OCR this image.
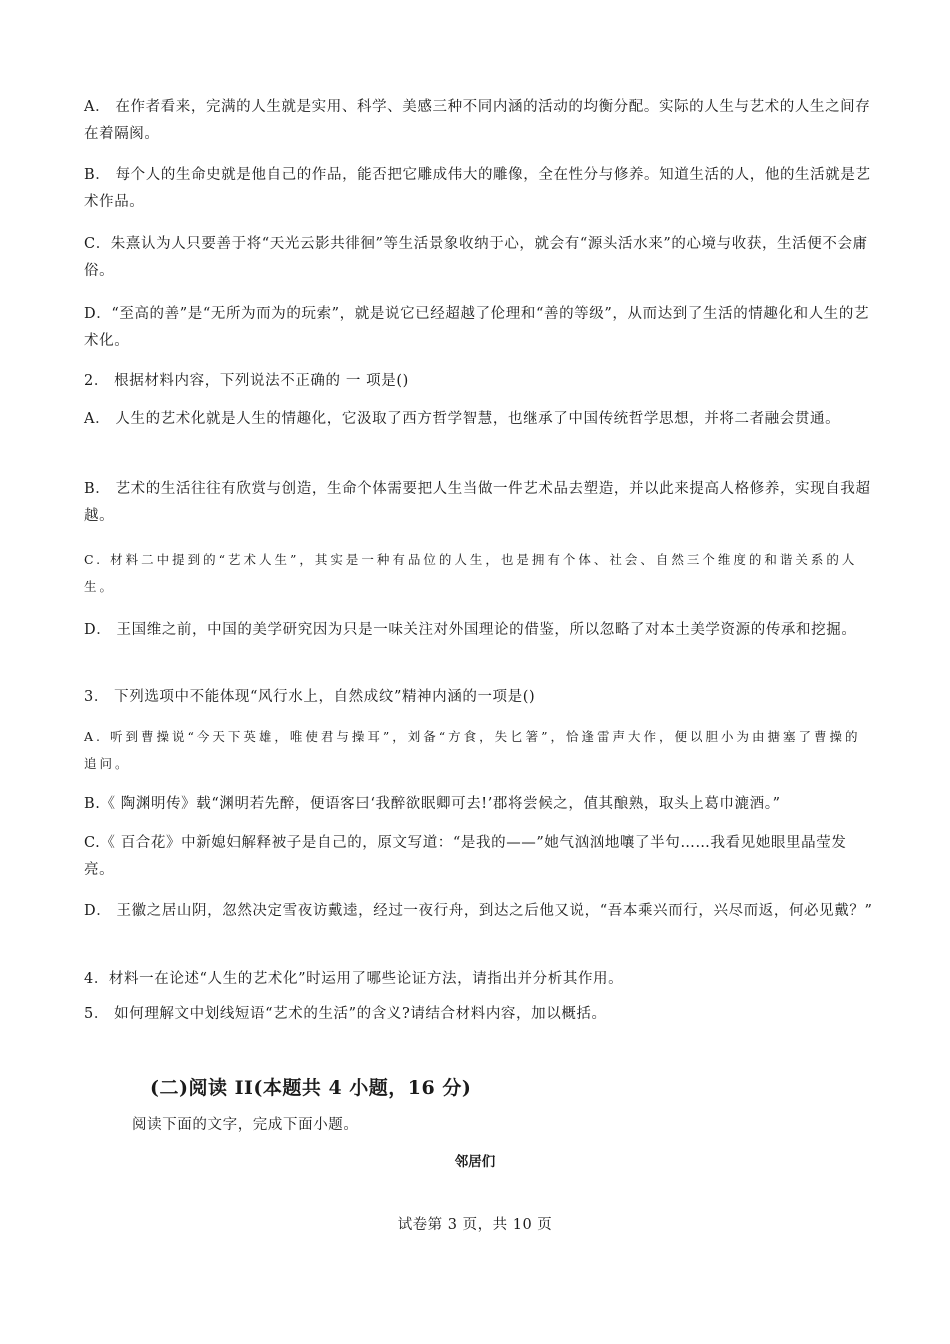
A． 在作者看来，完满的人生就是实用、科学、美感三种不同内涵的活动的均衡分配。实际的人生与艺术的人生之间存在着隔阂。

B． 每个人的生命史就是他自己的作品，能否把它雕成伟大的雕像，全在性分与修养。知道生活的人，他的生活就是艺术作品。

C．朱熹认为人只要善于将“天光云影共徘徊”等生活景象收纳于心，就会有“源头活水来”的心境与收获，生活便不会庸俗。

D．“至高的善”是“无所为而为的玩索”，就是说它已经超越了伦理和“善的等级”，从而达到了生活的情趣化和人生的艺术化。

2． 根据材料内容，下列说法不正确的 一 项是()

A． 人生的艺术化就是人生的情趣化，它汲取了西方哲学智慧，也继承了中国传统哲学思想，并将二者融会贯通。

B． 艺术的生活往往有欣赏与创造，生命个体需要把人生当做一件艺术品去塑造，并以此来提高人格修养，实现自我超越。

C. 材料二中提到的“艺术人生”，其实是一种有品位的人生，也是拥有个体、社会、自然三个维度的和谐关系的人生。

D． 王国维之前，中国的美学研究因为只是一味关注对外国理论的借鉴，所以忽略了对本土美学资源的传承和挖掘。

3． 下列选项中不能体现“风行水上，自然成纹”精神内涵的一项是()

A. 听到曹操说“今天下英雄，唯使君与操耳”，刘备“方食，失匕箸”，恰逢雷声大作，便以胆小为由搪塞了曹操的追问。

B.《 陶渊明传》载“渊明若先醉，便语客曰‘我醉欲眠卿可去!’郡将尝候之，值其酿熟，取头上葛巾漉酒。”

C.《 百合花》中新媳妇解释被子是自己的，原文写道：“是我的——”她气汹汹地嚷了半句……我看见她眼里晶莹发亮。

D． 王徽之居山阴，忽然决定雪夜访戴逵，经过一夜行舟，到达之后他又说，“吾本乘兴而行，兴尽而返，何必见戴？”

4．材料一在论述“人生的艺术化”时运用了哪些论证方法，请指出并分析其作用。

5． 如何理解文中划线短语“艺术的生活”的含义?请结合材料内容，加以概括。

(二)阅读 II(本题共 4 小题，16 分)

阅读下面的文字，完成下面小题。

邻居们

试卷第 3 页，共 10 页
